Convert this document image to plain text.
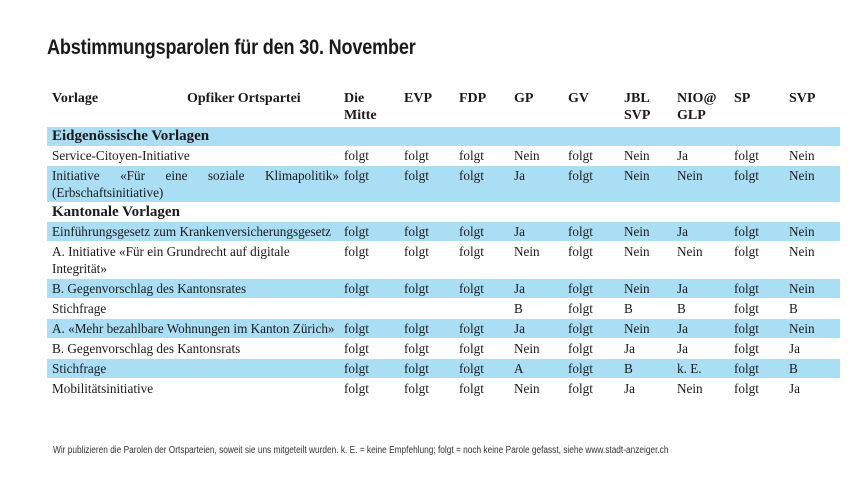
Abstimmungsparolen für den 30. November
Vorlage Opfiker Ortspartei	Die Mitte	EVP	FDP	GP	GV	JBL SVP	NIO@ GLP	SP	SVP
Eidgenössische Vorlagen									
Service-Citoyen-Initiative	folgt	folgt	folgt	Nein	folgt	Nein	Ja	folgt	Nein
Initiative «Für eine soziale Klimapolitik» (Erbschaftsinitiative)	folgt	folgt	folgt	Ja	folgt	Nein	Nein	folgt	Nein
Kantonale Vorlagen									
Einführungsgesetz zum Krankenversicherungsgesetz	folgt	folgt	folgt	Ja	folgt	Nein	Ja	folgt	Nein
A. Initiative «Für ein Grundrecht auf digitale Integrität»	folgt	folgt	folgt	Nein	folgt	Nein	Nein	folgt	Nein
B. Gegenvorschlag des Kantonsrates	folgt	folgt	folgt	Ja	folgt	Nein	Ja	folgt	Nein
Stichfrage				B	folgt	B	B	folgt	B
A. «Mehr bezahlbare Wohnungen im Kanton Zürich»	folgt	folgt	folgt	Ja	folgt	Nein	Ja	folgt	Nein
B. Gegenvorschlag des Kantonsrats	folgt	folgt	folgt	Nein	folgt	Ja	Ja	folgt	Ja
Stichfrage	folgt	folgt	folgt	A	folgt	B	k. E.	folgt	B
Mobilitätsinitiative	folgt	folgt	folgt	Nein	folgt	Ja	Nein	folgt	Ja
Wir publizieren die Parolen der Ortsparteien, soweit sie uns mitgeteilt wurden. k. E. = keine Empfehlung; folgt = noch keine Parole gefasst, siehe www.stadt-anzeiger.ch
